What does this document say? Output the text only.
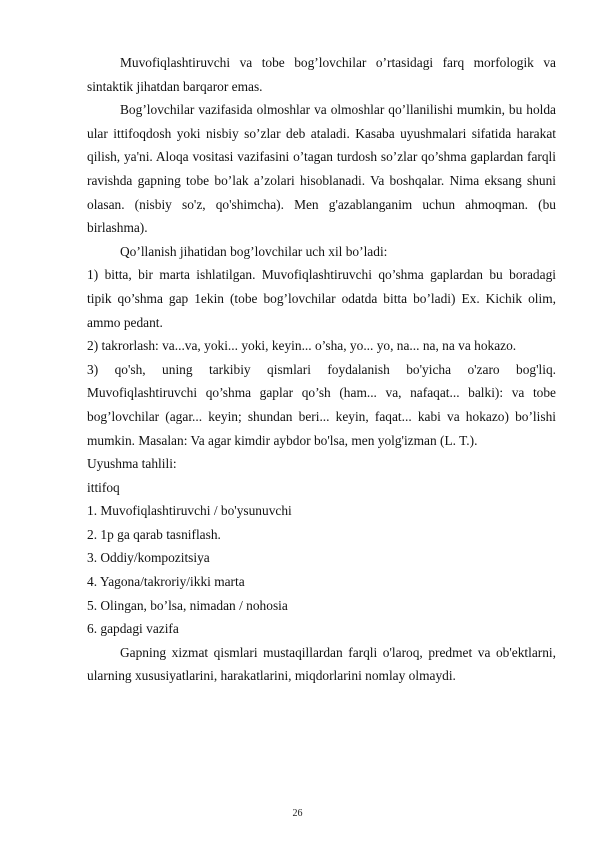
Muvofiqlashtiruvchi va tobe bog’lovchilar o’rtasidagi farq morfologik va sintaktik jihatdan barqaror emas.

Bog’lovchilar vazifasida olmoshlar va olmoshlar qo’llanilishi mumkin, bu holda ular ittifoqdosh yoki nisbiy so’zlar deb ataladi. Kasaba uyushmalari sifatida harakat qilish, ya'ni. Aloqa vositasi vazifasini o’tagan turdosh so’zlar qo’shma gaplardan farqli ravishda gapning tobe bo’lak a’zolari hisoblanadi. Va boshqalar. Nima eksang shuni olasan. (nisbiy so'z, qo'shimcha). Men g'azablanganim uchun ahmoqman. (bu birlashma).

Qo’llanish jihatidan bog’lovchilar uch xil bo’ladi:

1) bitta, bir marta ishlatilgan. Muvofiqlashtiruvchi qo’shma gaplardan bu boradagi tipik qo’shma gap 1ekin (tobe bog’lovchilar odatda bitta bo’ladi) Ex. Kichik olim, ammo pedant.

2) takrorlash: va...va, yoki... yoki, keyin... o’sha, yo... yo, na... na, na va hokazo.

3) qo'sh, uning tarkibiy qismlari foydalanish bo'yicha o'zaro bog'liq. Muvofiqlashtiruvchi qo’shma gaplar qo’sh (ham... va, nafaqat... balki): va tobe bog’lovchilar (agar... keyin; shundan beri... keyin, faqat... kabi va hokazo) bo’lishi mumkin. Masalan: Va agar kimdir aybdor bo'lsa, men yolg'izman (L. T.).

Uyushma tahlili:

ittifoq

1. Muvofiqlashtiruvchi / bo'ysunuvchi

2. 1p ga qarab tasniflash.

3. Oddiy/kompozitsiya

4. Yagona/takroriy/ikki marta

5. Olingan, bo’lsa, nimadan / nohosia

6. gapdagi vazifa

Gapning xizmat qismlari mustaqillardan farqli o'laroq, predmet va ob'ektlarni, ularning xususiyatlarini, harakatlarini, miqdorlarini nomlay olmaydi.

26
